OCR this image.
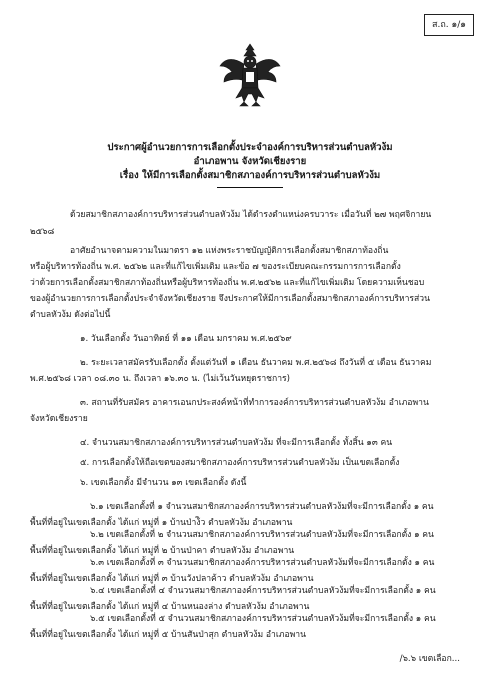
ส.ถ. ๑/๑
ประกาศผู้อำนวยการการเลือกตั้งประจำองค์การบริหารส่วนตำบลหัวง้ม
อำเภอพาน จังหวัดเชียงราย
เรื่อง ให้มีการเลือกตั้งสมาชิกสภาองค์การบริหารส่วนตำบลหัวง้ม
ด้วยสมาชิกสภาองค์การบริหารส่วนตำบลหัวง้ม ได้ดำรงตำแหน่งครบวาระ เมื่อวันที่ ๒๗ พฤศจิกายน
๒๕๖๘
อาศัยอำนาจตามความในมาตรา ๑๒ แห่งพระราชบัญญัติการเลือกตั้งสมาชิกสภาท้องถิ่น
หรือผู้บริหารท้องถิ่น พ.ศ. ๒๕๖๒ และที่แก้ไขเพิ่มเติม และข้อ ๗ ของระเบียบคณะกรรมการการเลือกตั้ง
ว่าด้วยการเลือกตั้งสมาชิกสภาท้องถิ่นหรือผู้บริหารท้องถิ่น พ.ศ.๒๕๖๒ และที่แก้ไขเพิ่มเติม โดยความเห็นชอบ
ของผู้อำนวยการการเลือกตั้งประจำจังหวัดเชียงราย จึงประกาศให้มีการเลือกตั้งสมาชิกสภาองค์การบริหารส่วน
ตำบลหัวง้ม ดังต่อไปนี้
๑. วันเลือกตั้ง วันอาทิตย์ ที่ ๑๑ เดือน มกราคม พ.ศ.๒๕๖๙
๒. ระยะเวลาสมัครรับเลือกตั้ง ตั้งแต่วันที่ ๑ เดือน ธันวาคม พ.ศ.๒๕๖๘ ถึงวันที่ ๕ เดือน ธันวาคม
พ.ศ.๒๕๖๘ เวลา ๐๘.๓๐ น. ถึงเวลา ๑๖.๓๐ น. (ไม่เว้นวันหยุดราชการ)
๓. สถานที่รับสมัคร อาคารเอนกประสงค์หน้าที่ทำการองค์การบริหารส่วนตำบลหัวง้ม อำเภอพาน
จังหวัดเชียงราย
๔. จำนวนสมาชิกสภาองค์การบริหารส่วนตำบลหัวง้ม ที่จะมีการเลือกตั้ง ทั้งสิ้น ๑๓ คน
๕. การเลือกตั้งให้ถือเขตของสมาชิกสภาองค์การบริหารส่วนตำบลหัวง้ม เป็นเขตเลือกตั้ง
๖. เขตเลือกตั้ง มีจำนวน ๑๓ เขตเลือกตั้ง ดังนี้
๖.๑ เขตเลือกตั้งที่ ๑ จำนวนสมาชิกสภาองค์การบริหารส่วนตำบลหัวง้มที่จะมีการเลือกตั้ง ๑ คน
พื้นที่ที่อยู่ในเขตเลือกตั้ง ได้แก่ หมู่ที่ ๑ บ้านป่าง้ิว ตำบลหัวง้ม อำเภอพาน
๖.๒ เขตเลือกตั้งที่ ๒ จำนวนสมาชิกสภาองค์การบริหารส่วนตำบลหัวง้มที่จะมีการเลือกตั้ง ๑ คน
พื้นที่ที่อยู่ในเขตเลือกตั้ง ได้แก่ หมู่ที่ ๒ บ้านป่าคา ตำบลหัวง้ม อำเภอพาน
๖.๓ เขตเลือกตั้งที่ ๓ จำนวนสมาชิกสภาองค์การบริหารส่วนตำบลหัวง้มที่จะมีการเลือกตั้ง ๑ คน
พื้นที่ที่อยู่ในเขตเลือกตั้ง ได้แก่ หมู่ที่ ๓ บ้านวังปลาค้าว ตำบลหัวง้ม อำเภอพาน
๖.๔ เขตเลือกตั้งที่ ๔ จำนวนสมาชิกสภาองค์การบริหารส่วนตำบลหัวง้มที่จะมีการเลือกตั้ง ๑ คน
พื้นที่ที่อยู่ในเขตเลือกตั้ง ได้แก่ หมู่ที่ ๔ บ้านหนองล่าง ตำบลหัวง้ม อำเภอพาน
๖.๕ เขตเลือกตั้งที่ ๕ จำนวนสมาชิกสภาองค์การบริหารส่วนตำบลหัวง้มที่จะมีการเลือกตั้ง ๑ คน
พื้นที่ที่อยู่ในเขตเลือกตั้ง ได้แก่ หมู่ที่ ๕ บ้านสันป่าสุก ตำบลหัวง้ม อำเภอพาน
/๖.๖ เขตเลือก...
